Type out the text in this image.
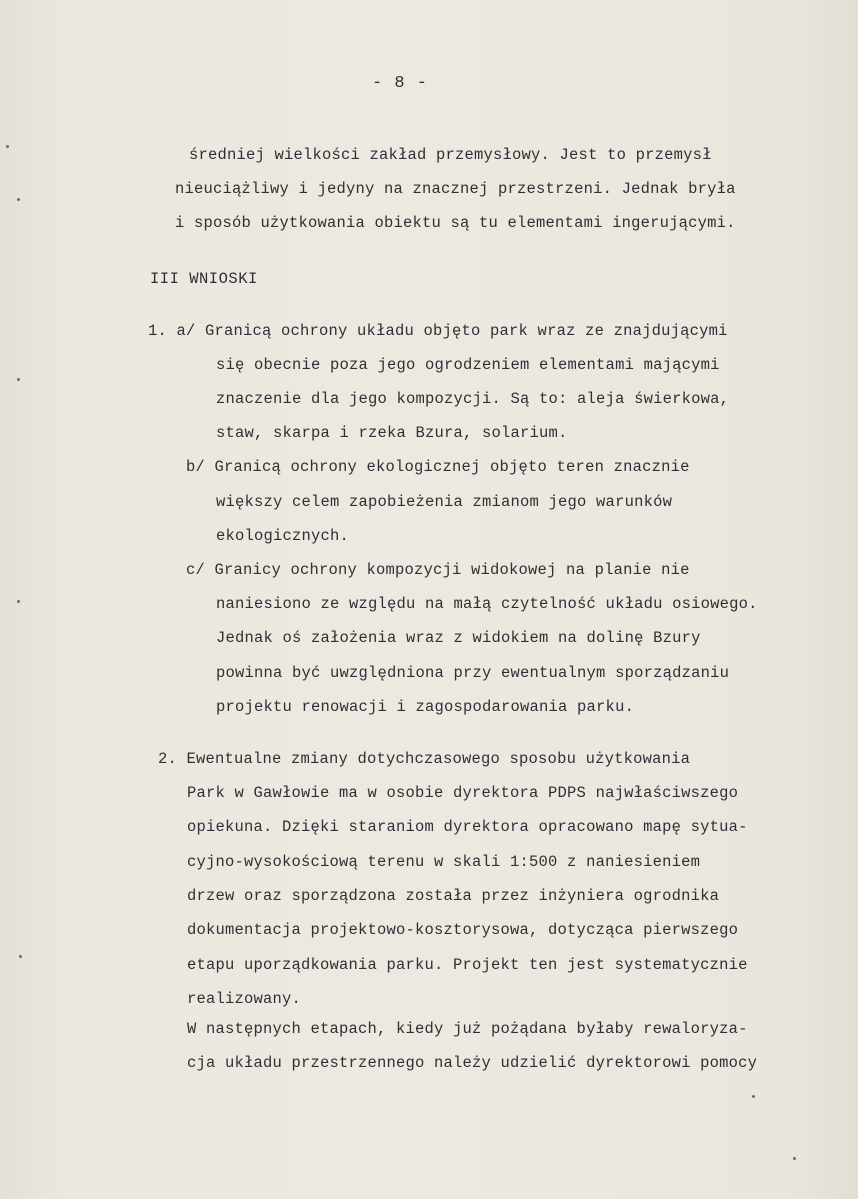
- 8 -
średniej wielkości zakład przemysłowy. Jest to przemysł
nieuciążliwy i jedyny na znacznej przestrzeni. Jednak bryła
i sposób użytkowania obiektu są tu elementami ingerującymi.
III WNIOSKI
1. a/ Granicą ochrony układu objęto park wraz ze znajdującymi
się obecnie poza jego ogrodzeniem elementami mającymi
znaczenie dla jego kompozycji. Są to: aleja świerkowa,
staw, skarpa i rzeka Bzura, solarium.
b/ Granicą ochrony ekologicznej objęto teren znacznie
większy celem zapobieżenia zmianom jego warunków
ekologicznych.
c/ Granicy ochrony kompozycji widokowej na planie nie
naniesiono ze względu na małą czytelność układu osiowego.
Jednak oś założenia wraz z widokiem na dolinę Bzury
powinna być uwzględniona przy ewentualnym sporządzaniu
projektu renowacji i zagospodarowania parku.
2. Ewentualne zmiany dotychczasowego sposobu użytkowania
Park w Gawłowie ma w osobie dyrektora PDPS najwłaściwszego
opiekuna. Dzięki staraniom dyrektora opracowano mapę sytua-
cyjno-wysokościową terenu w skali 1:500 z naniesieniem
drzew oraz sporządzona została przez inżyniera ogrodnika
dokumentacja projektowo-kosztorysowa, dotycząca pierwszego
etapu uporządkowania parku. Projekt ten jest systematycznie
realizowany.
W następnych etapach, kiedy już pożądana byłaby rewaloryza-
cja układu przestrzennego należy udzielić dyrektorowi pomocy
